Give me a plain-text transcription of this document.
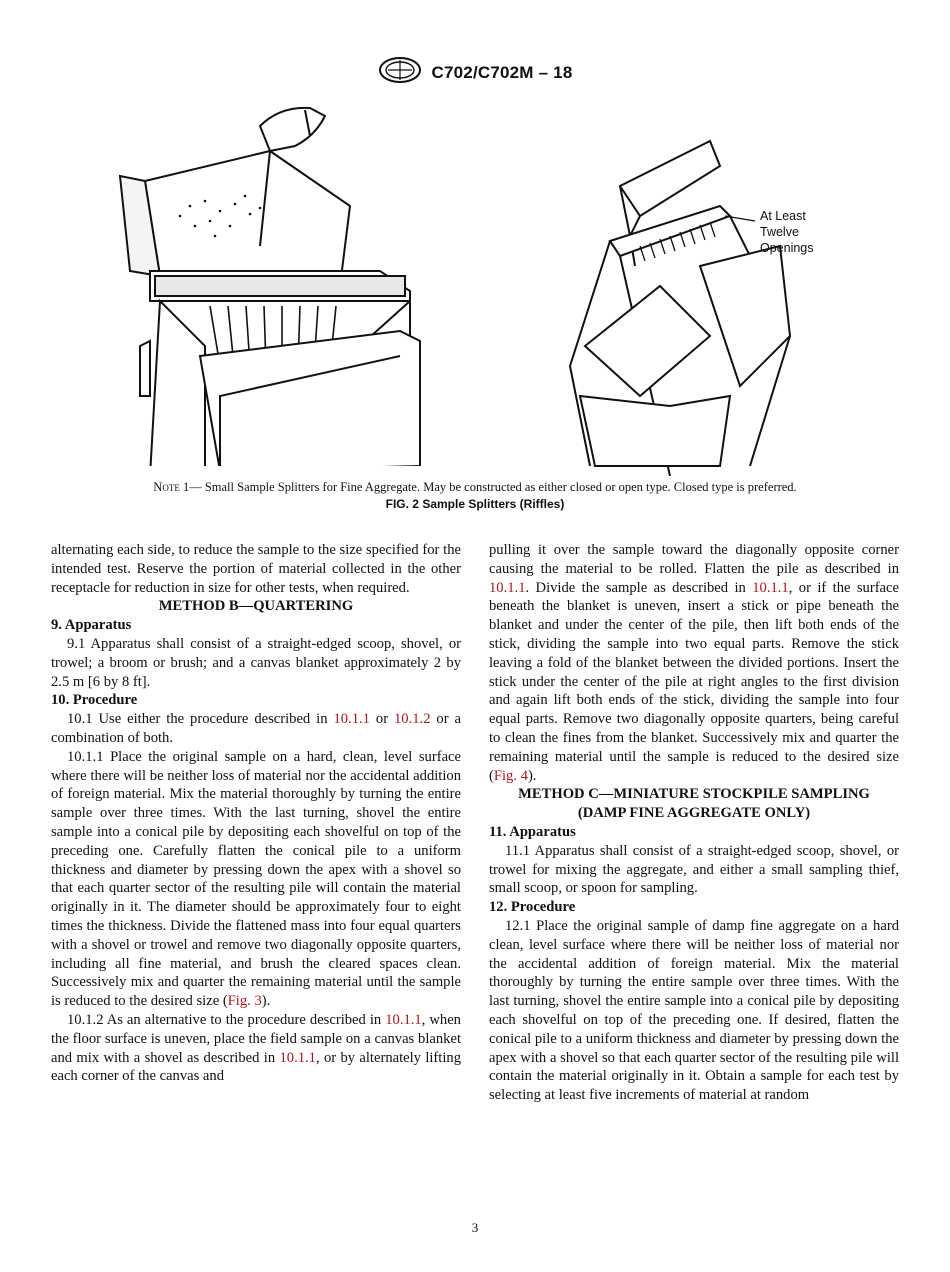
C702/C702M – 18
At Least
Twelve
Openings
Note 1— Small Sample Splitters for Fine Aggregate. May be constructed as either closed or open type. Closed type is preferred.
FIG. 2 Sample Splitters (Riffles)

alternating each side, to reduce the sample to the size specified for the intended test. Reserve the portion of material collected in the other receptacle for reduction in size for other tests, when required.

METHOD B—QUARTERING

9. Apparatus

9.1 Apparatus shall consist of a straight-edged scoop, shovel, or trowel; a broom or brush; and a canvas blanket approximately 2 by 2.5 m [6 by 8 ft].

10. Procedure

10.1 Use either the procedure described in 10.1.1 or 10.1.2 or a combination of both.

10.1.1 Place the original sample on a hard, clean, level surface where there will be neither loss of material nor the accidental addition of foreign material. Mix the material thoroughly by turning the entire sample over three times. With the last turning, shovel the entire sample into a conical pile by depositing each shovelful on top of the preceding one. Carefully flatten the conical pile to a uniform thickness and diameter by pressing down the apex with a shovel so that each quarter sector of the resulting pile will contain the material originally in it. The diameter should be approximately four to eight times the thickness. Divide the flattened mass into four equal quarters with a shovel or trowel and remove two diagonally opposite quarters, including all fine material, and brush the cleared spaces clean. Successively mix and quarter the remaining material until the sample is reduced to the desired size (Fig. 3).

10.1.2 As an alternative to the procedure described in 10.1.1, when the floor surface is uneven, place the field sample on a canvas blanket and mix with a shovel as described in 10.1.1, or by alternately lifting each corner of the canvas and

pulling it over the sample toward the diagonally opposite corner causing the material to be rolled. Flatten the pile as described in 10.1.1. Divide the sample as described in 10.1.1, or if the surface beneath the blanket is uneven, insert a stick or pipe beneath the blanket and under the center of the pile, then lift both ends of the stick, dividing the sample into two equal parts. Remove the stick leaving a fold of the blanket between the divided portions. Insert the stick under the center of the pile at right angles to the first division and again lift both ends of the stick, dividing the sample into four equal parts. Remove two diagonally opposite quarters, being careful to clean the fines from the blanket. Successively mix and quarter the remaining material until the sample is reduced to the desired size (Fig. 4).

METHOD C—MINIATURE STOCKPILE SAMPLING

(DAMP FINE AGGREGATE ONLY)

11. Apparatus

11.1 Apparatus shall consist of a straight-edged scoop, shovel, or trowel for mixing the aggregate, and either a small sampling thief, small scoop, or spoon for sampling.

12. Procedure

12.1 Place the original sample of damp fine aggregate on a hard clean, level surface where there will be neither loss of material nor the accidental addition of foreign material. Mix the material thoroughly by turning the entire sample over three times. With the last turning, shovel the entire sample into a conical pile by depositing each shovelful on top of the preceding one. If desired, flatten the conical pile to a uniform thickness and diameter by pressing down the apex with a shovel so that each quarter sector of the resulting pile will contain the material originally in it. Obtain a sample for each test by selecting at least five increments of material at random

3
